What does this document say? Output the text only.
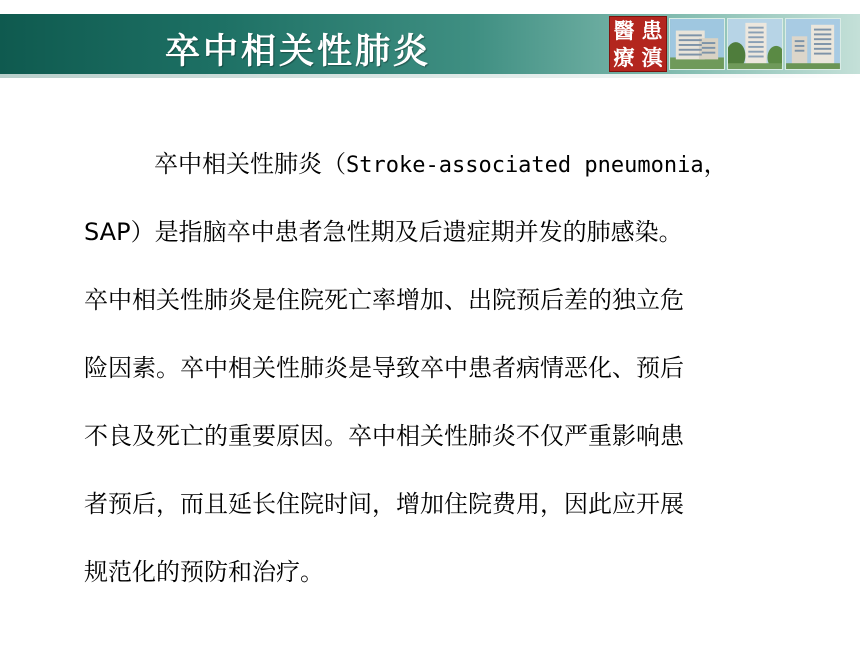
卒中相关性肺炎
醫 患
療 滇
卒中相关性肺炎（Stroke-associated pneumonia，
SAP）是指脑卒中患者急性期及后遗症期并发的肺感染。
卒中相关性肺炎是住院死亡率增加、出院预后差的独立危
险因素。卒中相关性肺炎是导致卒中患者病情恶化、预后
不良及死亡的重要原因。卒中相关性肺炎不仅严重影响患
者预后，而且延长住院时间，增加住院费用，因此应开展
规范化的预防和治疗。
